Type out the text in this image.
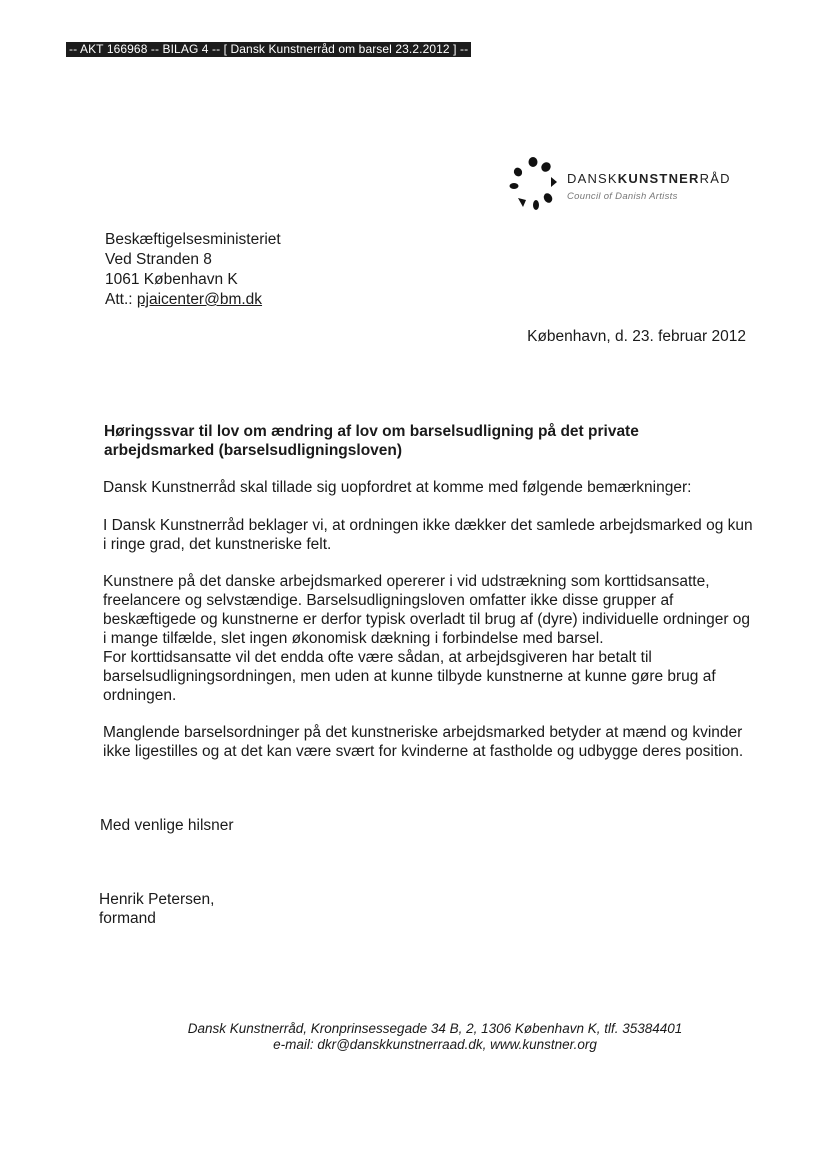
-- AKT 166968 -- BILAG 4 -- [ Dansk Kunstnerråd om barsel 23.2.2012 ] --
DANSKKUNSTNERRÅD
Council of Danish Artists
Beskæftigelsesministeriet
Ved Stranden 8
1061 København K
Att.: pjaicenter@bm.dk
København, d. 23. februar 2012
Høringssvar til lov om ændring af lov om barselsudligning på det private arbejdsmarked (barselsudligningsloven)

Dansk Kunstnerråd skal tillade sig uopfordret at komme med følgende bemærkninger:

I Dansk Kunstnerråd beklager vi, at ordningen ikke dækker det samlede arbejdsmarked og kun i ringe grad, det kunstneriske felt.

Kunstnere på det danske arbejdsmarked opererer i vid udstrækning som korttidsansatte, freelancere og selvstændige. Barselsudligningsloven omfatter ikke disse grupper af beskæftigede og kunstnerne er derfor typisk overladt til brug af (dyre) individuelle ordninger og i mange tilfælde, slet ingen økonomisk dækning i forbindelse med barsel.
For korttidsansatte vil det endda ofte være sådan, at arbejdsgiveren har betalt til barselsudligningsordningen, men uden at kunne tilbyde kunstnerne at kunne gøre brug af ordningen.

Manglende barselsordninger på det kunstneriske arbejdsmarked betyder at mænd og kvinder ikke ligestilles og at det kan være svært for kvinderne at fastholde og udbygge deres position.

Med venlige hilsner
Henrik Petersen,
formand
Dansk Kunstnerråd, Kronprinsessegade 34 B, 2, 1306 København K, tlf. 35384401
e-mail: dkr@danskkunstnerraad.dk, www.kunstner.org
